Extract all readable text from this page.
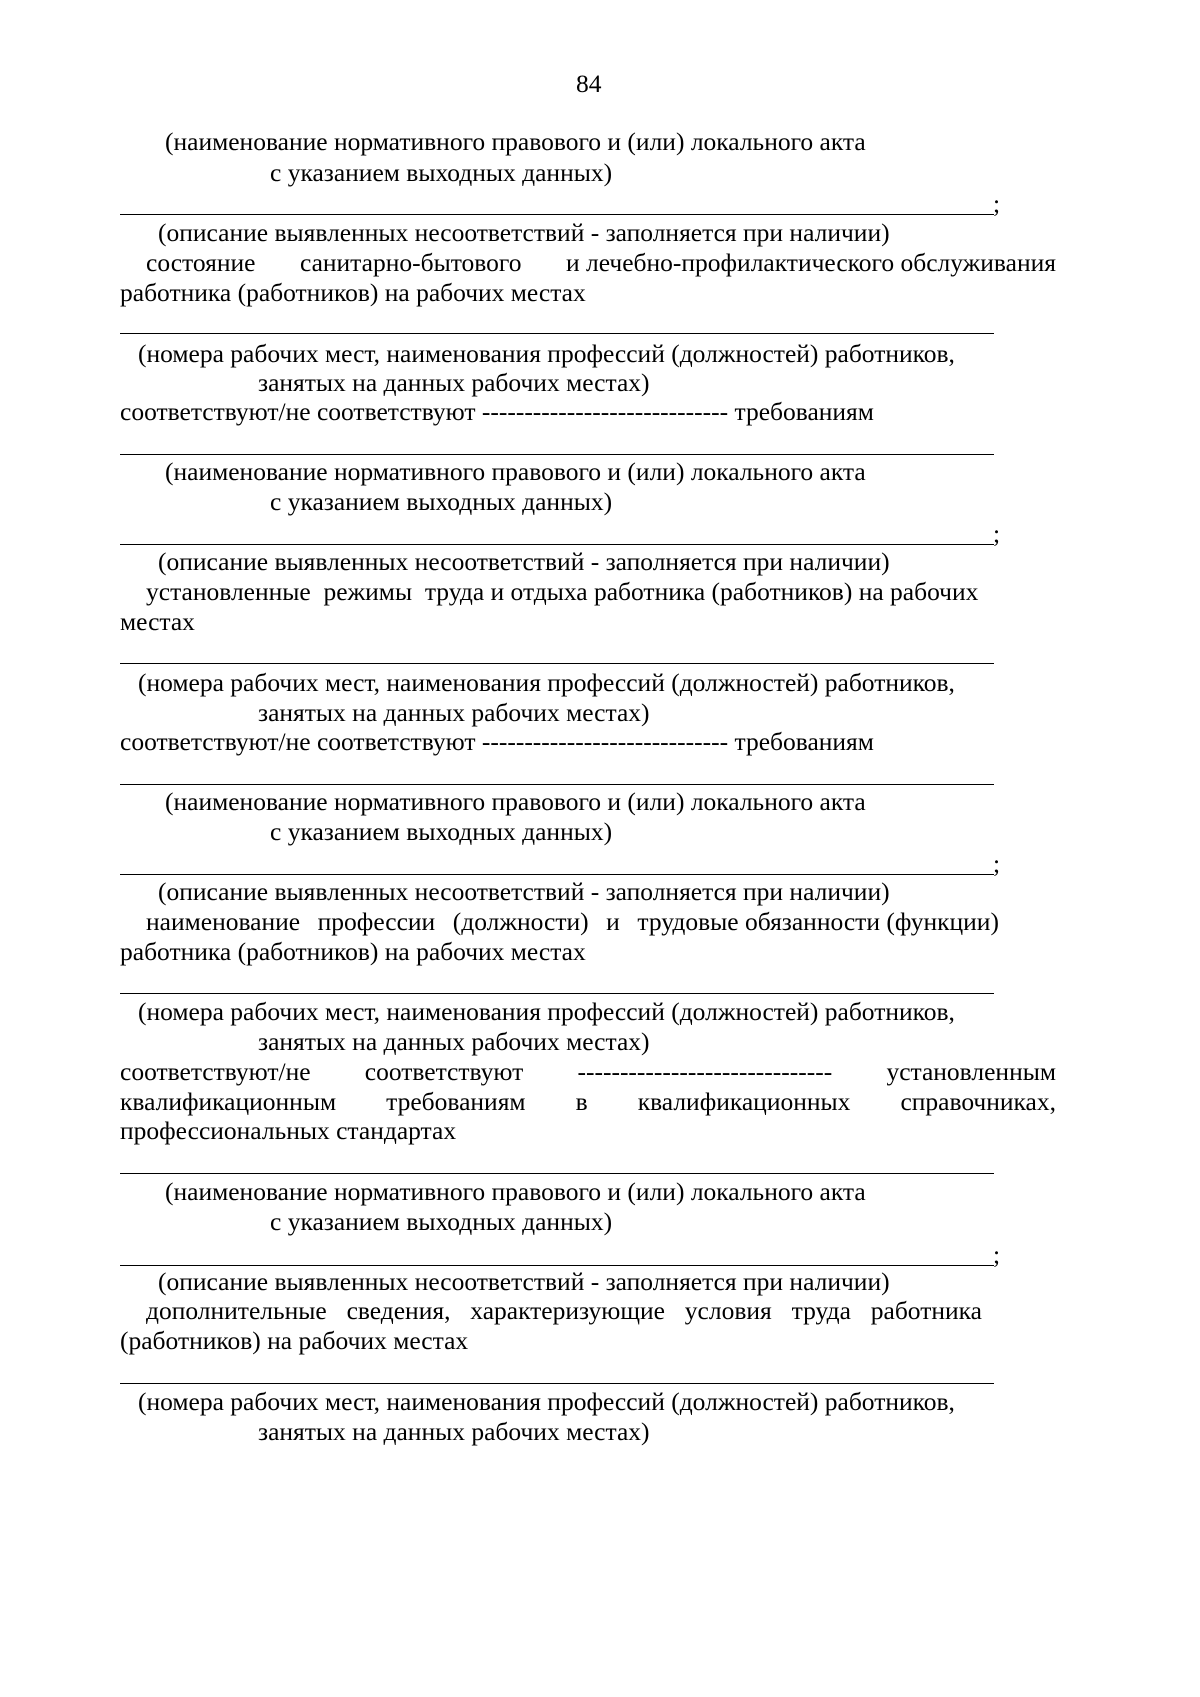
84
(наименование нормативного правового и (или) локального акта
с указанием выходных данных)
;
(описание выявленных несоответствий - заполняется при наличии)
состояние санитарно-бытового и лечебно-профилактического обслуживания
работника (работников) на рабочих местах
(номера рабочих мест, наименования профессий (должностей) работников,
занятых на данных рабочих местах)
соответствуют/не соответствуют ----------------------------- требованиям
(наименование нормативного правового и (или) локального акта
с указанием выходных данных)
;
(описание выявленных несоответствий - заполняется при наличии)
установленные  режимы  труда и отдыха работника (работников) на рабочих
местах
(номера рабочих мест, наименования профессий (должностей) работников,
занятых на данных рабочих местах)
соответствуют/не соответствуют ----------------------------- требованиям
(наименование нормативного правового и (или) локального акта
с указанием выходных данных)
;
(описание выявленных несоответствий - заполняется при наличии)
наименование профессии (должности) и трудовые обязанности (функции)
работника (работников) на рабочих местах
(номера рабочих мест, наименования профессий (должностей) работников,
занятых на данных рабочих местах)
соответствуют/не соответствуют ------------------------------ установленным
квалификационным требованиям в квалификационных справочниках,
профессиональных стандартах
(наименование нормативного правового и (или) локального акта
с указанием выходных данных)
;
(описание выявленных несоответствий - заполняется при наличии)
дополнительные сведения, характеризующие условия труда работника
(работников) на рабочих местах
(номера рабочих мест, наименования профессий (должностей) работников,
занятых на данных рабочих местах)
